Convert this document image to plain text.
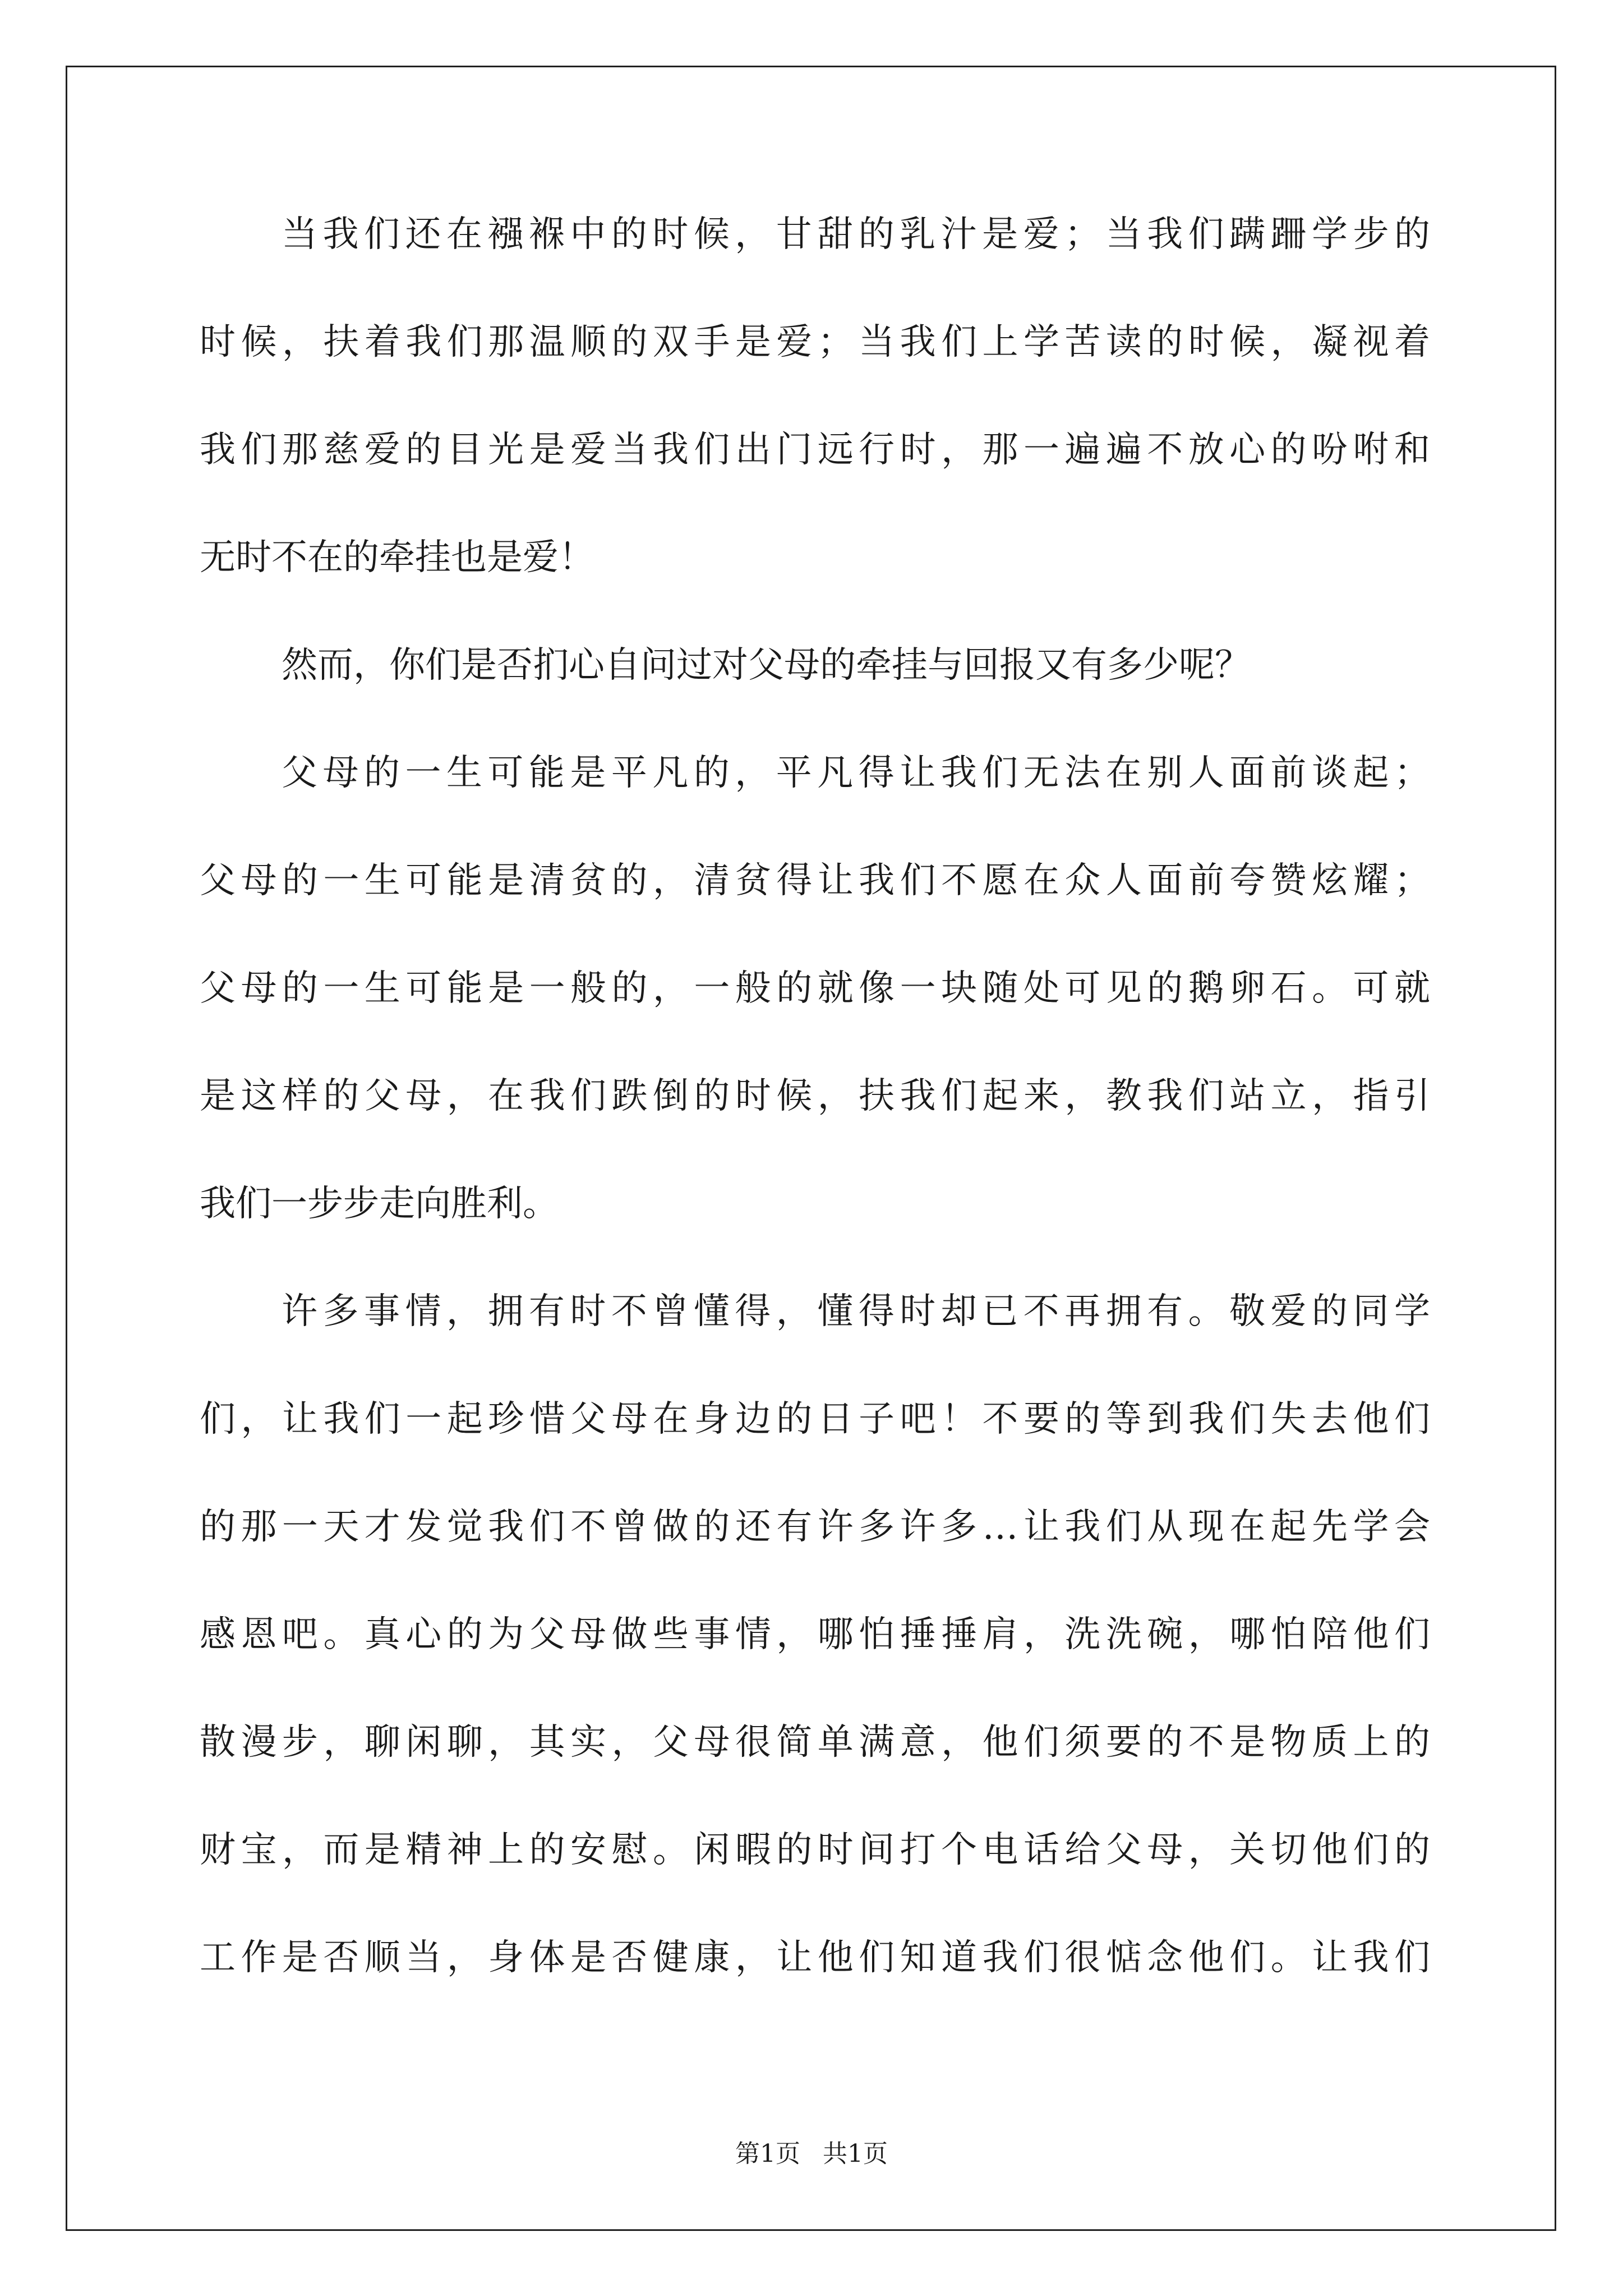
当我们还在襁褓中的时候，甘甜的乳汁是爱；当我们蹒跚学步的
时候，扶着我们那温顺的双手是爱；当我们上学苦读的时候，凝视着
我们那慈爱的目光是爱当我们出门远行时，那一遍遍不放心的吩咐和
无时不在的牵挂也是爱！
然而，你们是否扪心自问过对父母的牵挂与回报又有多少呢？
父母的一生可能是平凡的，平凡得让我们无法在别人面前谈起；
父母的一生可能是清贫的，清贫得让我们不愿在众人面前夸赞炫耀；
父母的一生可能是一般的，一般的就像一块随处可见的鹅卵石。可就
是这样的父母，在我们跌倒的时候，扶我们起来，教我们站立，指引
我们一步步走向胜利。
许多事情，拥有时不曾懂得，懂得时却已不再拥有。敬爱的同学
们，让我们一起珍惜父母在身边的日子吧！不要的等到我们失去他们
的那一天才发觉我们不曾做的还有许多许多…让我们从现在起先学会
感恩吧。真心的为父母做些事情，哪怕捶捶肩，洗洗碗，哪怕陪他们
散漫步，聊闲聊，其实，父母很简单满意，他们须要的不是物质上的
财宝，而是精神上的安慰。闲暇的时间打个电话给父母，关切他们的
工作是否顺当，身体是否健康，让他们知道我们很惦念他们。让我们
第1页 共1页
